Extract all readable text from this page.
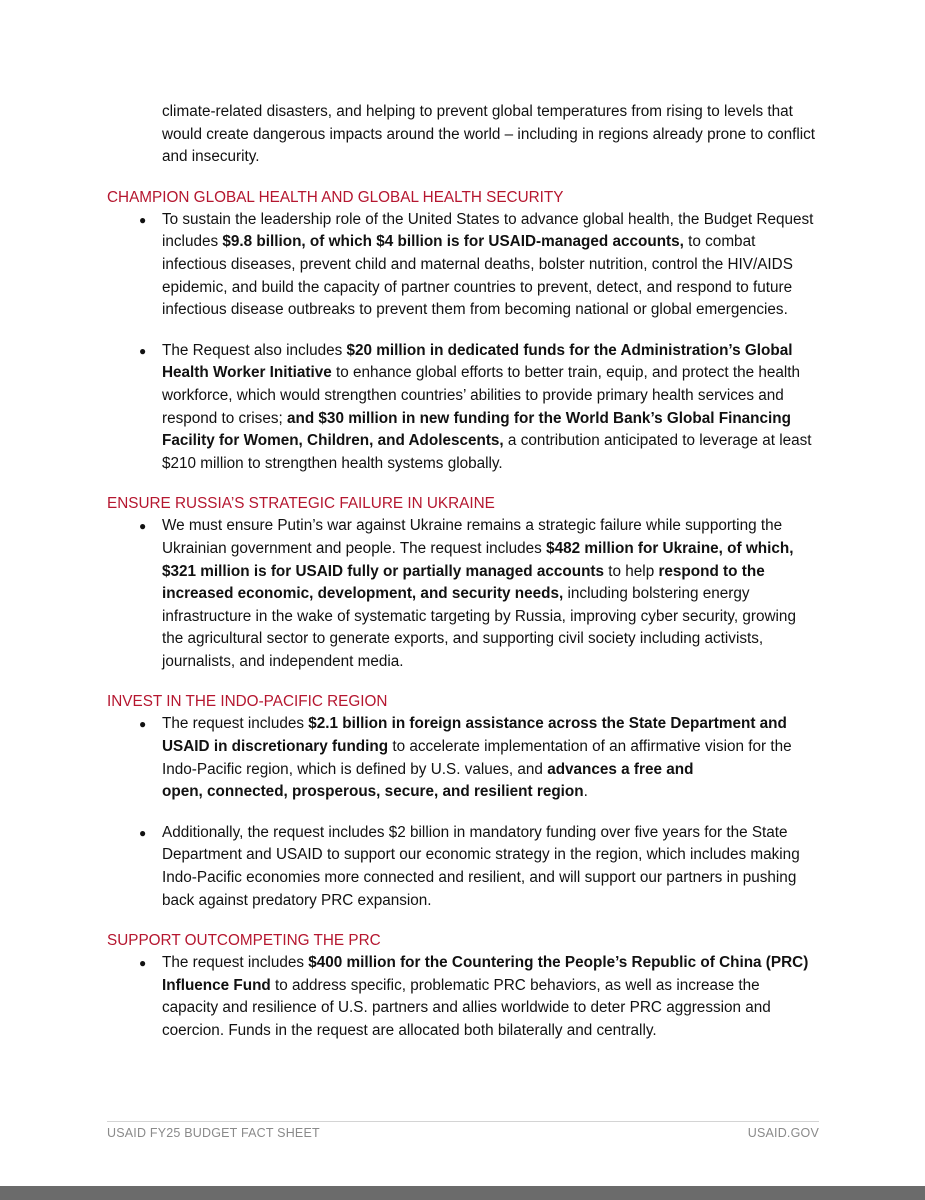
climate-related disasters, and helping to prevent global temperatures from rising to levels that would create dangerous impacts around the world – including in regions already prone to conflict and insecurity.

CHAMPION GLOBAL HEALTH AND GLOBAL HEALTH SECURITY
● To sustain the leadership role of the United States to advance global health, the Budget Request includes $9.8 billion, of which $4 billion is for USAID-managed accounts, to combat infectious diseases, prevent child and maternal deaths, bolster nutrition, control the HIV/AIDS epidemic, and build the capacity of partner countries to prevent, detect, and respond to future infectious disease outbreaks to prevent them from becoming national or global emergencies.
● The Request also includes $20 million in dedicated funds for the Administration’s Global Health Worker Initiative to enhance global efforts to better train, equip, and protect the health workforce, which would strengthen countries’ abilities to provide primary health services and respond to crises; and $30 million in new funding for the World Bank’s Global Financing Facility for Women, Children, and Adolescents, a contribution anticipated to leverage at least $210 million to strengthen health systems globally.
ENSURE RUSSIA’S STRATEGIC FAILURE IN UKRAINE
● We must ensure Putin’s war against Ukraine remains a strategic failure while supporting the Ukrainian government and people. The request includes $482 million for Ukraine, of which, $321 million is for USAID fully or partially managed accounts to help respond to the increased economic, development, and security needs, including bolstering energy infrastructure in the wake of systematic targeting by Russia, improving cyber security, growing the agricultural sector to generate exports, and supporting civil society including activists, journalists, and independent media.
INVEST IN THE INDO-PACIFIC REGION
● The request includes $2.1 billion in foreign assistance across the State Department and USAID in discretionary funding to accelerate implementation of an affirmative vision for the Indo-Pacific region, which is defined by U.S. values, and advances a free and
open, connected, prosperous, secure, and resilient region.
● Additionally, the request includes $2 billion in mandatory funding over five years for the State Department and USAID to support our economic strategy in the region, which includes making Indo-Pacific economies more connected and resilient, and will support our partners in pushing back against predatory PRC expansion.
SUPPORT OUTCOMPETING THE PRC
● The request includes $400 million for the Countering the People’s Republic of China (PRC) Influence Fund to address specific, problematic PRC behaviors, as well as increase the capacity and resilience of U.S. partners and allies worldwide to deter PRC aggression and coercion. Funds in the request are allocated both bilaterally and centrally.
USAID FY25 BUDGET FACT SHEET	USAID.GOV
